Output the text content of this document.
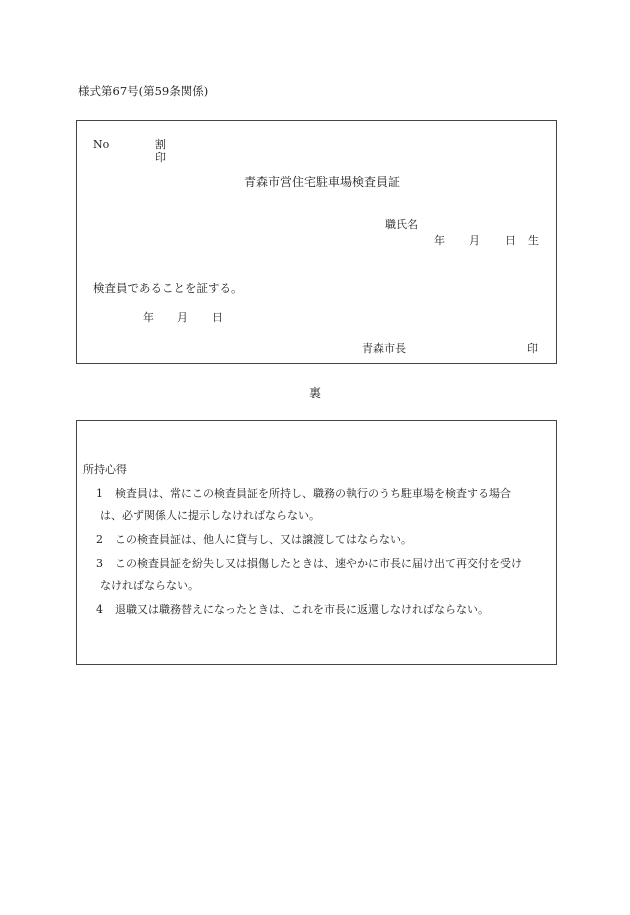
様式第67号(第59条関係)
No	割
印
青森市営住宅駐車場検査員証
職氏名
年 月 日 生
検査員であることを証する。
年 月 日
青森市長	印
裏
所持心得
1 検査員は、常にこの検査員証を所持し、職務の執行のうち駐車場を検査する場合
は、必ず関係人に提示しなければならない。
2 この検査員証は、他人に貸与し、又は譲渡してはならない。
3 この検査員証を紛失し又は損傷したときは、速やかに市長に届け出て再交付を受け
なければならない。
4 退職又は職務替えになったときは、これを市長に返還しなければならない。
